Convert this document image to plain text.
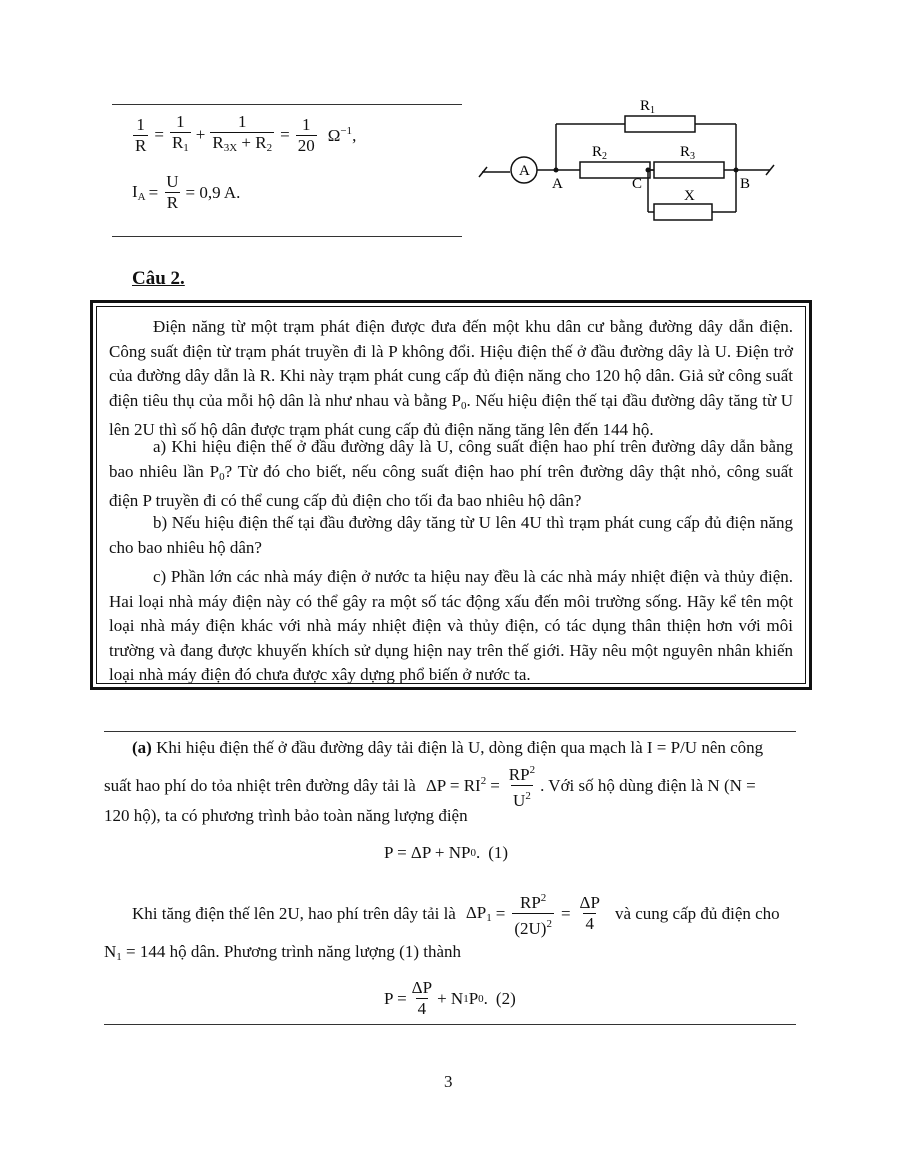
$\frac{1}{R} = \frac{1}{R_1} + \frac{1}{R_{3X} + R_2} = \frac{1}{20} \Omega^{-1}$,
$I_A = \frac{U}{R} = 0,9$ A.
A
$R_1$
$R_2$	$R_3$
X
A	C	B
Câu 2.
Điện năng từ một trạm phát điện được đưa đến một khu dân cư bằng đường dây dẫn điện. Công suất điện từ trạm phát truyền đi là P không đổi. Hiệu điện thế ở đầu đường dây là U. Điện trở của đường dây dẫn là R. Khi này trạm phát cung cấp đủ điện năng cho 120 hộ dân. Giả sử công suất điện tiêu thụ của mỗi hộ dân là như nhau và bằng $P_0$. Nếu hiệu điện thế tại đầu đường dây tăng từ U lên 2U thì số hộ dân được trạm phát cung cấp đủ điện năng tăng lên đến 144 hộ.
a) Khi hiệu điện thế ở đầu đường dây là U, công suất điện hao phí trên đường dây dẫn bằng bao nhiêu lần $P_0$? Từ đó cho biết, nếu công suất điện hao phí trên đường dây thật nhỏ, công suất điện P truyền đi có thể cung cấp đủ điện cho tối đa bao nhiêu hộ dân?
b) Nếu hiệu điện thế tại đầu đường dây tăng từ U lên 4U thì trạm phát cung cấp đủ điện năng cho bao nhiêu hộ dân?
c) Phần lớn các nhà máy điện ở nước ta hiệu nay đều là các nhà máy nhiệt điện và thủy điện. Hai loại nhà máy điện này có thể gây ra một số tác động xấu đến môi trường sống. Hãy kể tên một loại nhà máy điện khác với nhà máy nhiệt điện và thủy điện, có tác dụng thân thiện hơn với môi trường và đang được khuyến khích sử dụng hiện nay trên thế giới. Hãy nêu một nguyên nhân khiến loại nhà máy điện đó chưa được xây dựng phổ biến ở nước ta.
(a) Khi hiệu điện thế ở đầu đường dây tải điện là U, dòng điện qua mạch là I = P/U nên công
suất hao phí do tỏa nhiệt trên đường dây tải là $\Delta P = RI^2 = \frac{RP^2}{U^2}$ . Với số hộ dùng điện là N (N =
120 hộ), ta có phương trình bảo toàn năng lượng điện
P = ΔP + NP 0 . (1)
Khi tăng điện thế lên 2U, hao phí trên dây tải là $\Delta P_1 = \frac{RP^2}{(2U)^2} = \frac{\Delta P}{4}$ và cung cấp đủ điện cho
$N_1 = 144$ hộ dân. Phương trình năng lượng (1) thành
$P = \frac{\Delta P}{4} + N$ 1 P 0 . (2)
3
